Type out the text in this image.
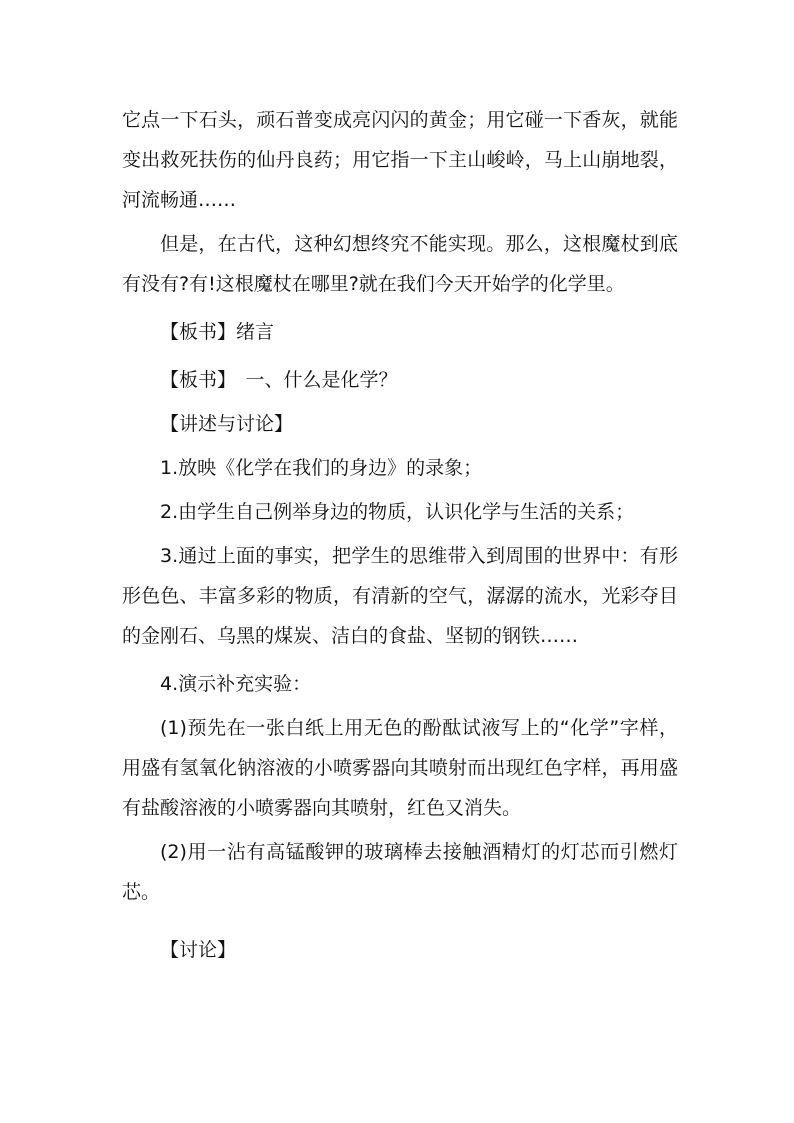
它点一下石头，顽石普变成亮闪闪的黄金；用它碰一下香灰，就能变出救死扶伤的仙丹良药；用它指一下主山峻岭，马上山崩地裂，河流畅通……

但是，在古代，这种幻想终究不能实现。那么，这根魔杖到底有没有?有!这根魔杖在哪里?就在我们今天开始学的化学里。

【板书】绪言

【板书】　一、什么是化学？

【讲述与讨论】

1.放映《化学在我们的身边》的录象；

2.由学生自己例举身边的物质，认识化学与生活的关系；

3.通过上面的事实，把学生的思维带入到周围的世界中：有形形色色、丰富多彩的物质，有清新的空气，潺潺的流水，光彩夺目的金刚石、乌黑的煤炭、洁白的食盐、坚韧的钢铁……

4.演示补充实验：

(1)预先在一张白纸上用无色的酚酞试液写上的“化学”字样，用盛有氢氧化钠溶液的小喷雾器向其喷射而出现红色字样，再用盛有盐酸溶液的小喷雾器向其喷射，红色又消失。

(2)用一沾有高锰酸钾的玻璃棒去接触酒精灯的灯芯而引燃灯芯。

【讨论】
